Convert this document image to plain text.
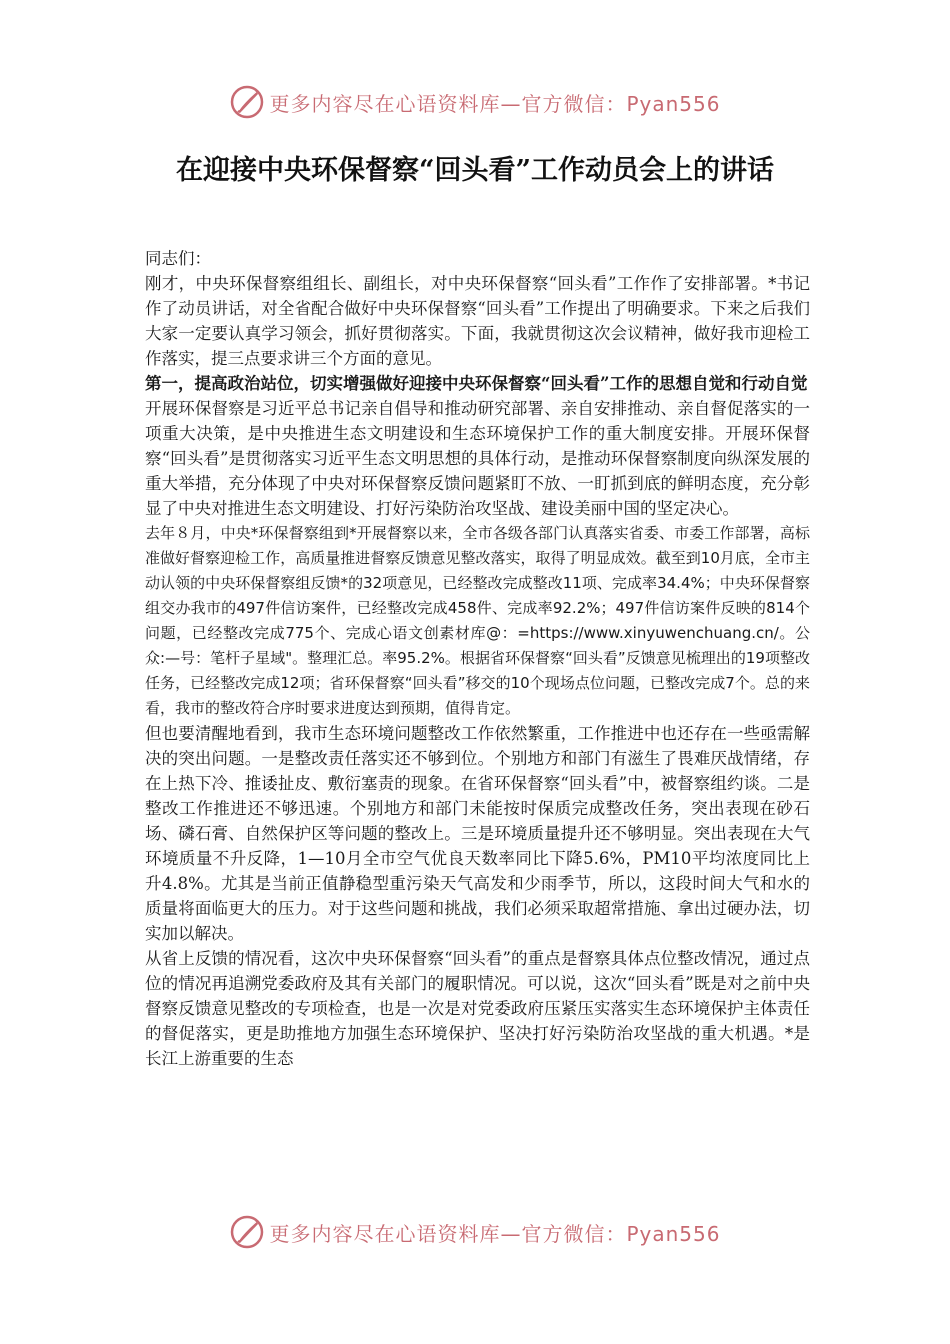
更多内容尽在心语资料库—官方微信：Pyan556
在迎接中央环保督察“回头看”工作动员会上的讲话

同志们：

刚才，中央环保督察组组长、副组长，对中央环保督察“回头看”工作作了安排部署。*书记作了动员讲话，对全省配合做好中央环保督察“回头看”工作提出了明确要求。下来之后我们大家一定要认真学习领会，抓好贯彻落实。下面，我就贯彻这次会议精神，做好我市迎检工作落实，提三点要求讲三个方面的意见。

第一，提高政治站位，切实增强做好迎接中央环保督察“回头看”工作的思想自觉和行动自觉

开展环保督察是习近平总书记亲自倡导和推动研究部署、亲自安排推动、亲自督促落实的一项重大决策，是中央推进生态文明建设和生态环境保护工作的重大制度安排。开展环保督察“回头看”是贯彻落实习近平生态文明思想的具体行动，是推动环保督察制度向纵深发展的重大举措，充分体现了中央对环保督察反馈问题紧盯不放、一盯抓到底的鲜明态度，充分彰显了中央对推进生态文明建设、打好污染防治攻坚战、建设美丽中国的坚定决心。

去年８月，中央*环保督察组到*开展督察以来，全市各级各部门认真落实省委、市委工作部署，高标准做好督察迎检工作，高质量推进督察反馈意见整改落实，取得了明显成效。截至到10月底，全市主动认领的中央环保督察组反馈*的32项意见，已经整改完成整改11项、完成率34.4%；中央环保督察组交办我市的497件信访案件，已经整改完成458件、完成率92.2%；497件信访案件反映的814个问题，已经整改完成775个、完成心语文创素材库@：=https://www.xinyuwenchuang.cn/。公众:—号：笔杆子星域"。整理汇总。率95.2%。根据省环保督察“回头看”反馈意见梳理出的19项整改任务，已经整改完成12项；省环保督察“回头看”移交的10个现场点位问题，已整改完成7个。总的来看，我市的整改符合序时要求进度达到预期，值得肯定。

但也要清醒地看到，我市生态环境问题整改工作依然繁重，工作推进中也还存在一些亟需解决的突出问题。一是整改责任落实还不够到位。个别地方和部门有滋生了畏难厌战情绪，存在上热下冷、推诿扯皮、敷衍塞责的现象。在省环保督察“回头看”中，被督察组约谈。二是整改工作推进还不够迅速。个别地方和部门未能按时保质完成整改任务，突出表现在砂石场、磷石膏、自然保护区等问题的整改上。三是环境质量提升还不够明显。突出表现在大气环境质量不升反降，1—10月全市空气优良天数率同比下降5.6%，PM10平均浓度同比上升4.8%。尤其是当前正值静稳型重污染天气高发和少雨季节，所以，这段时间大气和水的质量将面临更大的压力。对于这些问题和挑战，我们必须采取超常措施、拿出过硬办法，切实加以解决。

从省上反馈的情况看，这次中央环保督察“回头看”的重点是督察具体点位整改情况，通过点位的情况再追溯党委政府及其有关部门的履职情况。可以说，这次“回头看”既是对之前中央督察反馈意见整改的专项检查，也是一次是对党委政府压紧压实落实生态环境保护主体责任的督促落实，更是助推地方加强生态环境保护、坚决打好污染防治攻坚战的重大机遇。*是长江上游重要的生态

更多内容尽在心语资料库—官方微信：Pyan556
